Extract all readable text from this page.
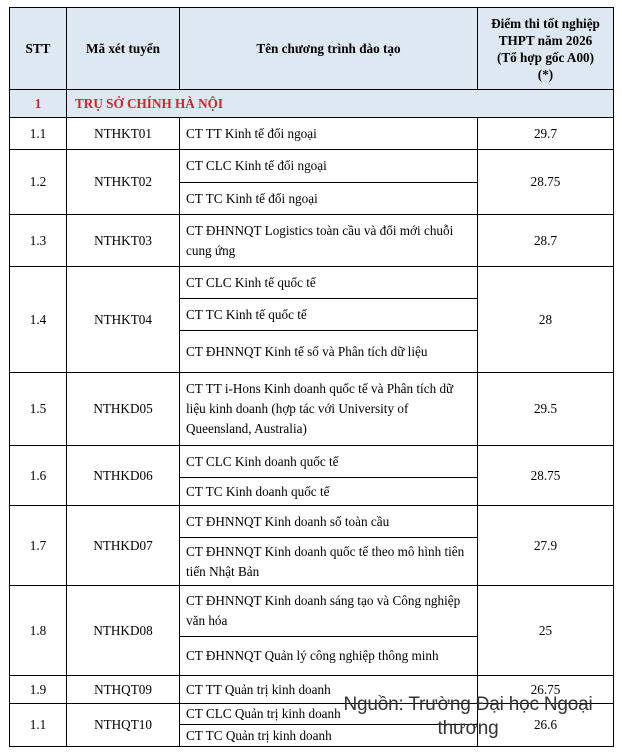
STT	Mã xét tuyển	Tên chương trình đào tạo	Điểm thi tốt nghiệp
THPT năm 2026
(Tổ hợp gốc A00)
(*)
1	TRỤ SỞ CHÍNH HÀ NỘI		
1.1	NTHKT01	CT TT Kinh tế đối ngoại	29.7
1.2	NTHKT02	CT CLC Kinh tế đối ngoại	28.75
		CT TC Kinh tế đối ngoại	
1.3	NTHKT03	CT ĐHNNQT Logistics toàn cầu và đổi mới chuỗi cung ứng	28.7
1.4	NTHKT04	CT CLC Kinh tế quốc tế	28
		CT TC Kinh tế quốc tế	
		CT ĐHNNQT Kinh tế số và Phân tích dữ liệu	
1.5	NTHKD05	CT TT i-Hons Kinh doanh quốc tế và Phân tích dữ liệu kinh doanh (hợp tác với University of Queensland, Australia)	29.5
1.6	NTHKD06	CT CLC Kinh doanh quốc tế	28.75
		CT TC Kinh doanh quốc tế	
1.7	NTHKD07	CT ĐHNNQT Kinh doanh số toàn cầu	27.9
		CT ĐHNNQT Kinh doanh quốc tế theo mô hình tiên tiến Nhật Bản	
1.8	NTHKD08	CT ĐHNNQT Kinh doanh sáng tạo và Công nghiệp văn hóa	25
		CT ĐHNNQT Quản lý công nghiệp thông minh	
1.9	NTHQT09	CT TT Quản trị kinh doanh	26.75
1.1	NTHQT10	CT CLC Quản trị kinh doanh	26.6
		CT TC Quản trị kinh doanh	
Nguồn: Trường Đại học Ngoại
thương
